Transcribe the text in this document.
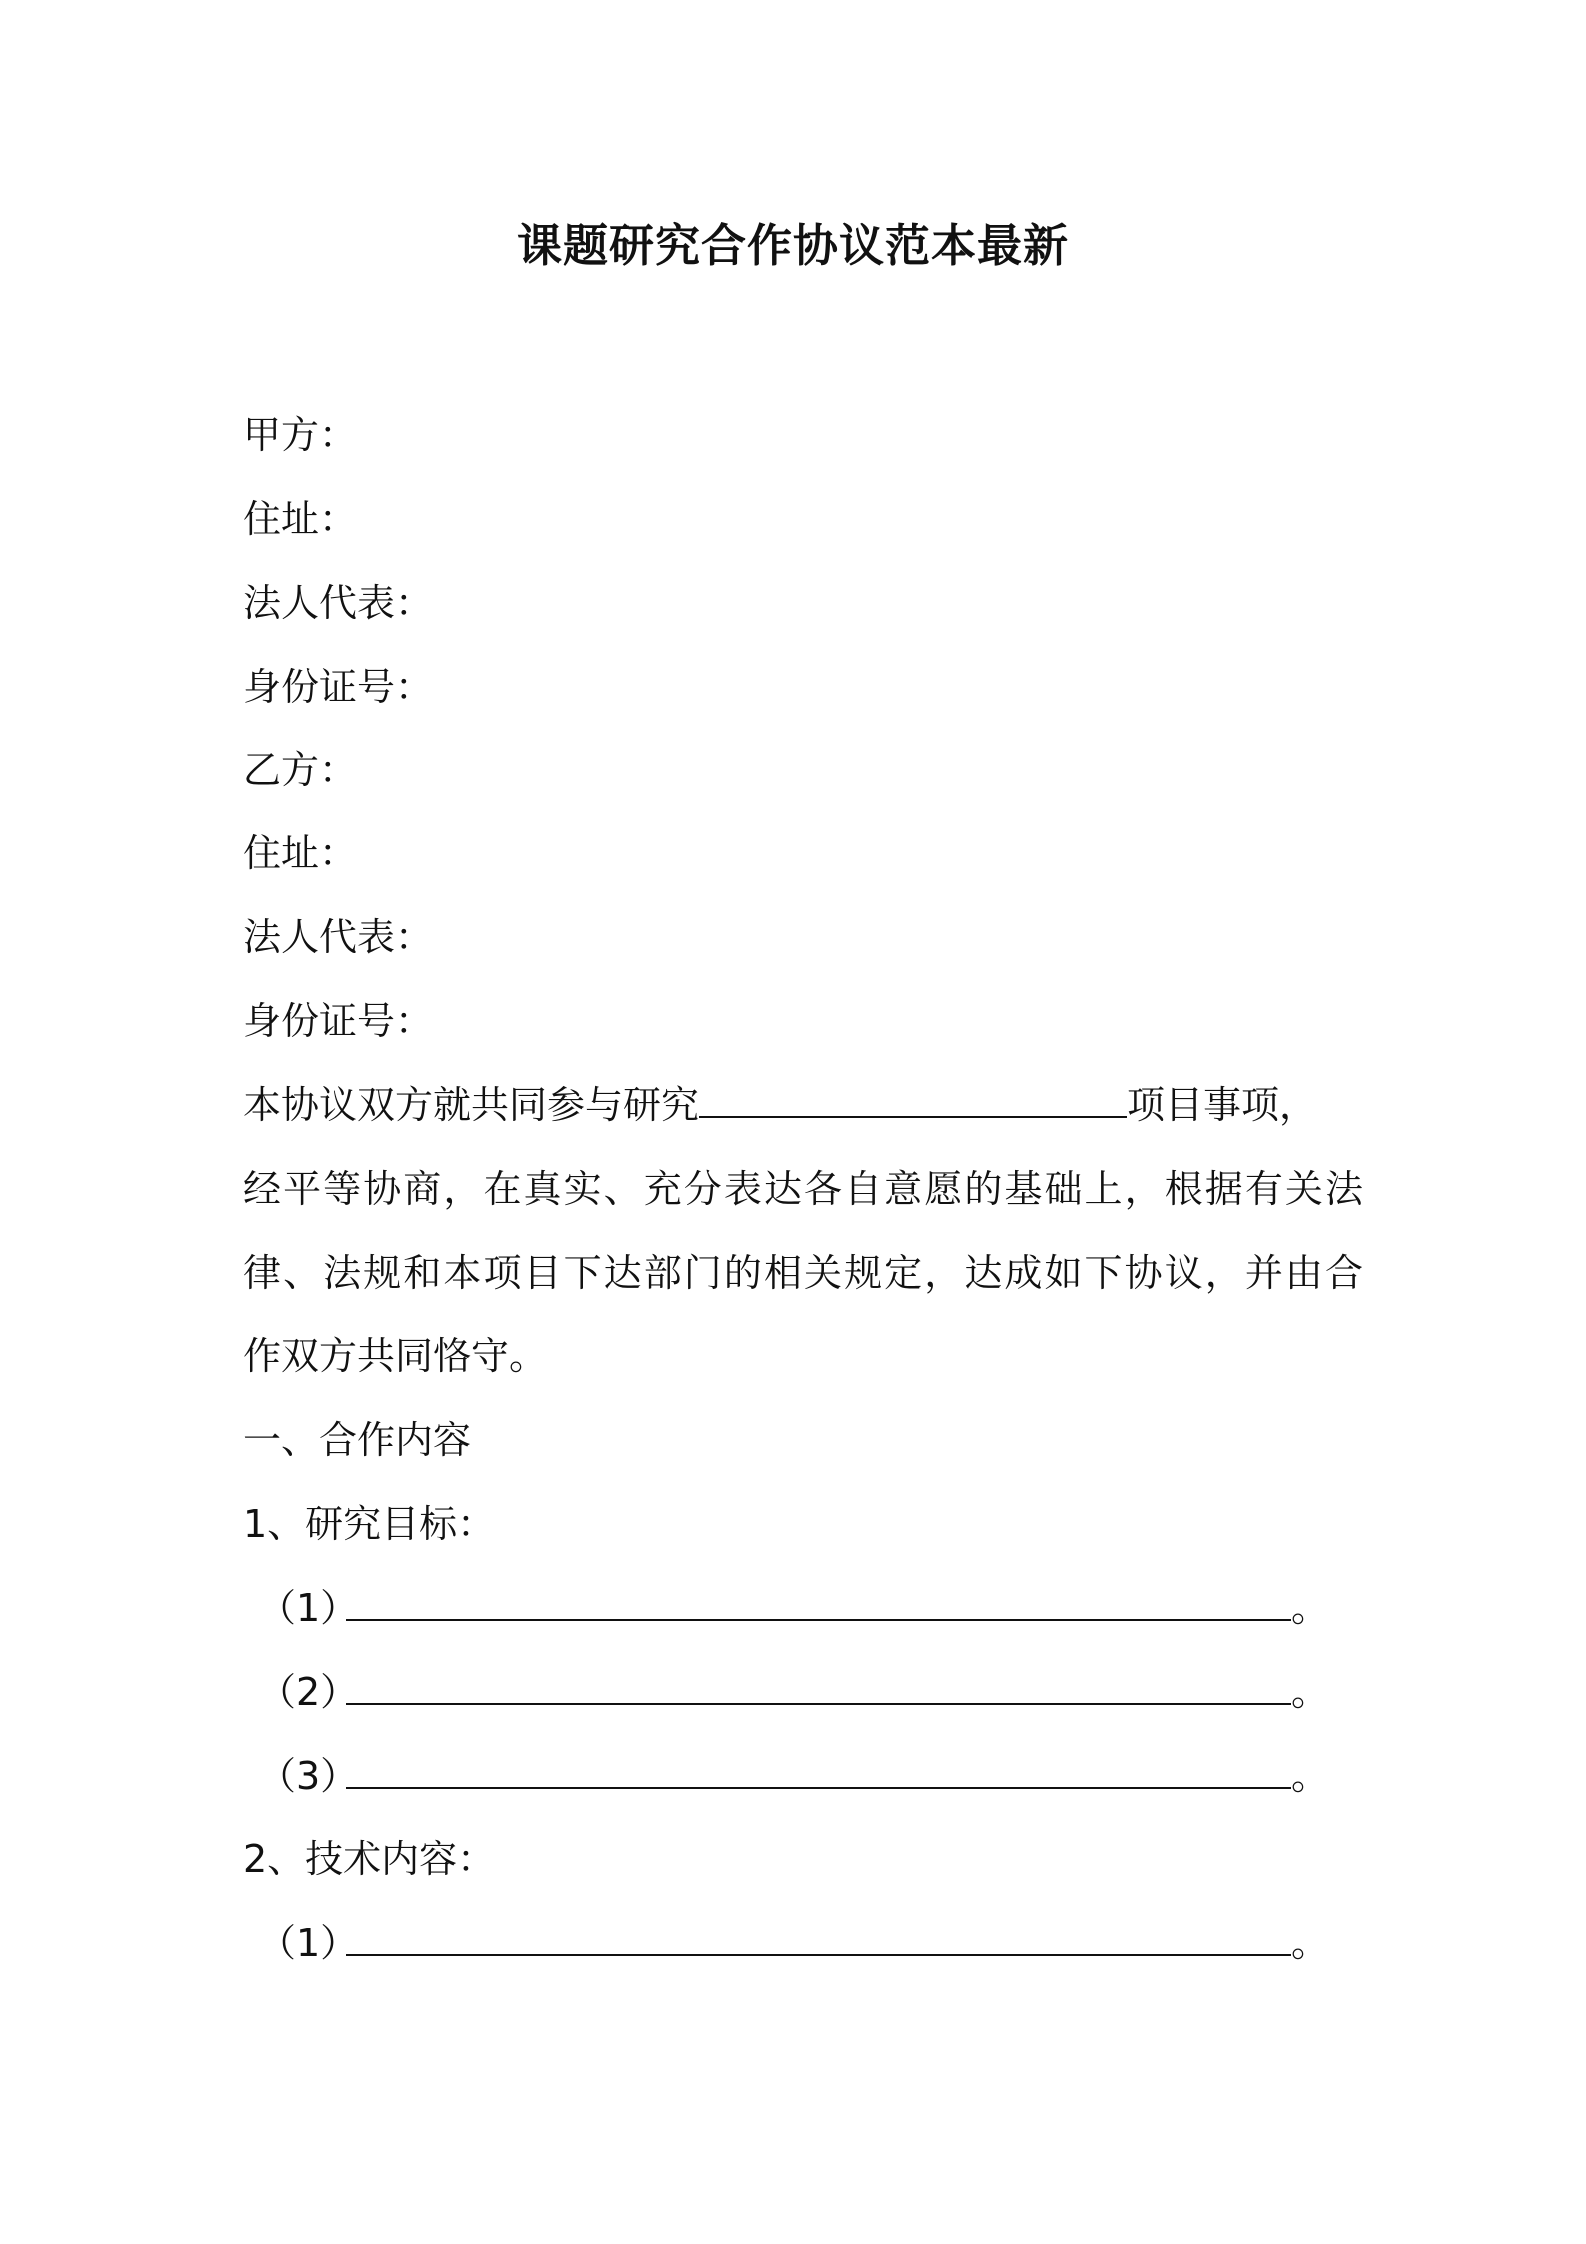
课题研究合作协议范本最新
甲方：
住址：
法人代表：
身份证号：
乙方：
住址：
法人代表：
身份证号：
本协议双方就共同参与研究	项目事项，
经平等协商，在真实、充分表达各自意愿的基础上，根据有关法
律、法规和本项目下达部门的相关规定，达成如下协议，并由合
作双方共同恪守。
一、合作内容
1、研究目标：
（1）	。
（2）	。
（3）	。
2、技术内容：
（1）	。
